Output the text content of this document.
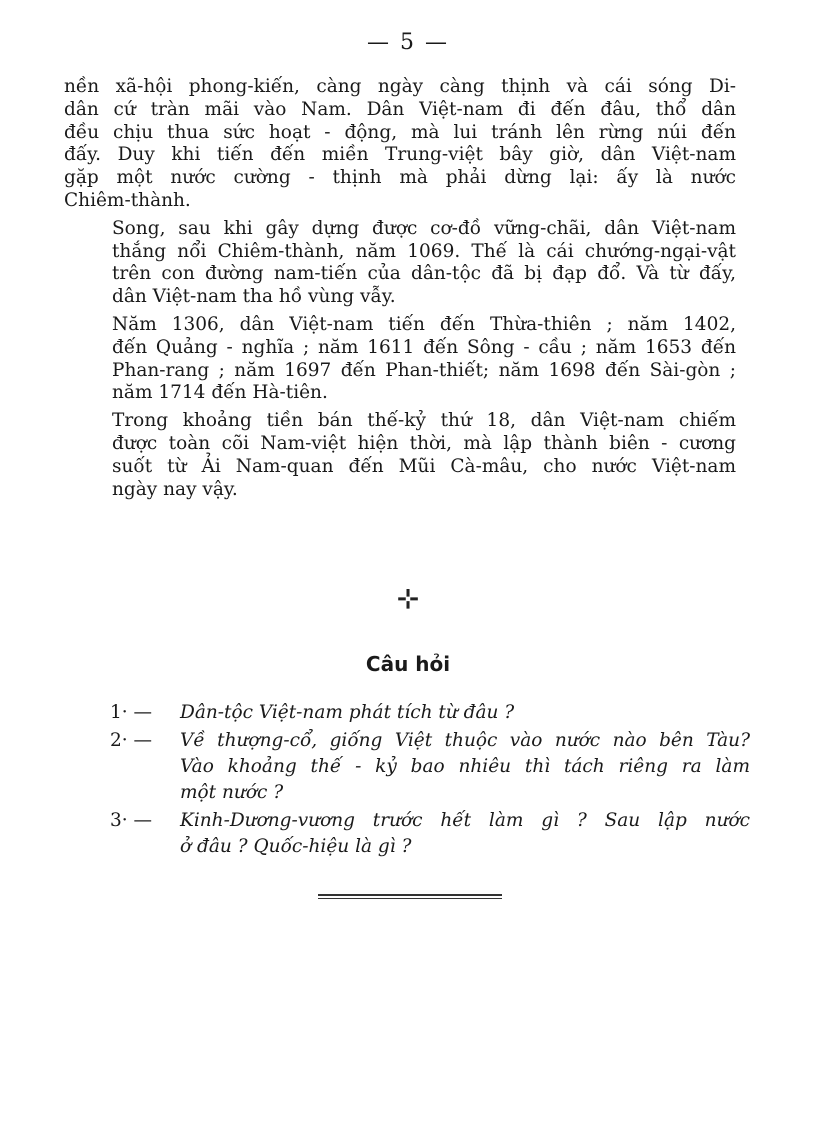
— 5 —

nền xã-hội phong-kiến, càng ngày càng thịnh và cái sóng Di-
dân cứ tràn mãi vào Nam. Dân Việt-nam đi đến đâu, thổ dân
đều chịu thua sức hoạt - động, mà lui tránh lên rừng núi đến
đấy. Duy khi tiến đến miền Trung-việt bây giờ, dân Việt-nam
gặp một nước cường - thịnh mà phải dừng lại: ấy là nước
Chiêm-thành.

Song, sau khi gây dựng được cơ-đồ vững-chãi, dân Việt-nam
thắng nổi Chiêm-thành, năm 1069. Thế là cái chướng-ngại-vật
trên con đường nam-tiến của dân-tộc đã bị đạp đổ. Và từ đấy,
dân Việt-nam tha hồ vùng vẫy.

Năm 1306, dân Việt-nam tiến đến Thừa-thiên ; năm 1402,
đến Quảng - nghĩa ; năm 1611 đến Sông - cầu ; năm 1653 đến
Phan-rang ; năm 1697 đến Phan-thiết; năm 1698 đến Sài-gòn ;
năm 1714 đến Hà-tiên.

Trong khoảng tiền bán thế-kỷ thứ 18, dân Việt-nam chiếm
được toàn cõi Nam-việt hiện thời, mà lập thành biên - cương
suốt từ Ải Nam-quan đến Mũi Cà-mâu, cho nước Việt-nam
ngày nay vậy.

⊹
Câu hỏi
1· —	Dân-tộc Việt-nam phát tích từ đâu ?
2· —	Về thượng-cổ, giống Việt thuộc vào nước nào bên Tàu?
Vào khoảng thế - kỷ bao nhiêu thì tách riêng ra làm
một nước ?
3· —	Kinh-Dương-vương trước hết làm gì ? Sau lập nước
ở đâu ? Quốc-hiệu là gì ?
